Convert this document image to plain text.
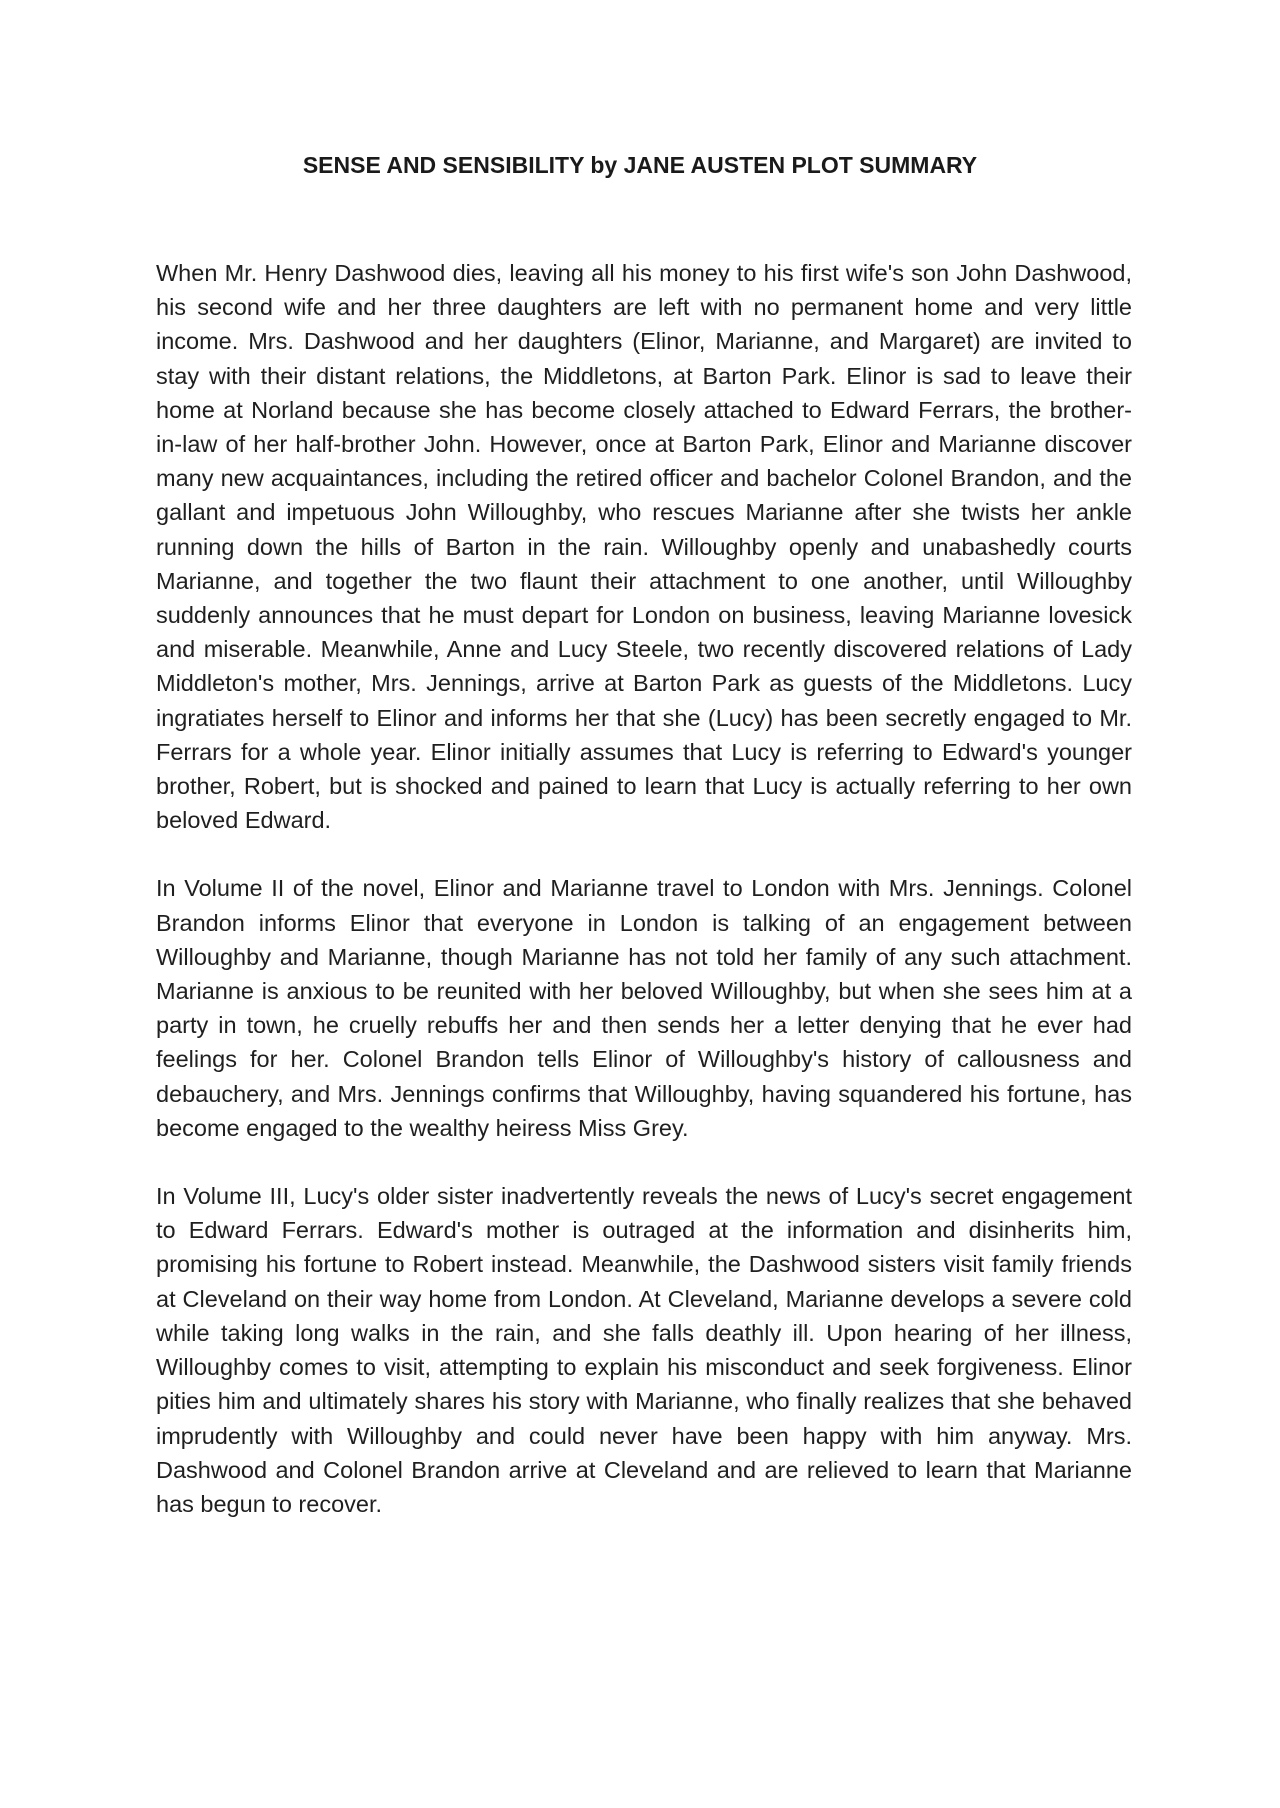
SENSE AND SENSIBILITY by JANE AUSTEN PLOT SUMMARY

When Mr. Henry Dashwood dies, leaving all his money to his first wife's son John Dashwood, his second wife and her three daughters are left with no permanent home and very little income. Mrs. Dashwood and her daughters (Elinor, Marianne, and Margaret) are invited to stay with their distant relations, the Middletons, at Barton Park. Elinor is sad to leave their home at Norland because she has become closely attached to Edward Ferrars, the brother-in-law of her half-brother John. However, once at Barton Park, Elinor and Marianne discover many new acquaintances, including the retired officer and bachelor Colonel Brandon, and the gallant and impetuous John Willoughby, who rescues Marianne after she twists her ankle running down the hills of Barton in the rain. Willoughby openly and unabashedly courts Marianne, and together the two flaunt their attachment to one another, until Willoughby suddenly announces that he must depart for London on business, leaving Marianne lovesick and miserable. Meanwhile, Anne and Lucy Steele, two recently discovered relations of Lady Middleton's mother, Mrs. Jennings, arrive at Barton Park as guests of the Middletons. Lucy ingratiates herself to Elinor and informs her that she (Lucy) has been secretly engaged to Mr. Ferrars for a whole year. Elinor initially assumes that Lucy is referring to Edward's younger brother, Robert, but is shocked and pained to learn that Lucy is actually referring to her own beloved Edward.

In Volume II of the novel, Elinor and Marianne travel to London with Mrs. Jennings. Colonel Brandon informs Elinor that everyone in London is talking of an engagement between Willoughby and Marianne, though Marianne has not told her family of any such attachment. Marianne is anxious to be reunited with her beloved Willoughby, but when she sees him at a party in town, he cruelly rebuffs her and then sends her a letter denying that he ever had feelings for her. Colonel Brandon tells Elinor of Willoughby's history of callousness and debauchery, and Mrs. Jennings confirms that Willoughby, having squandered his fortune, has become engaged to the wealthy heiress Miss Grey.

In Volume III, Lucy's older sister inadvertently reveals the news of Lucy's secret engagement to Edward Ferrars. Edward's mother is outraged at the information and disinherits him, promising his fortune to Robert instead. Meanwhile, the Dashwood sisters visit family friends at Cleveland on their way home from London. At Cleveland, Marianne develops a severe cold while taking long walks in the rain, and she falls deathly ill. Upon hearing of her illness, Willoughby comes to visit, attempting to explain his misconduct and seek forgiveness. Elinor pities him and ultimately shares his story with Marianne, who finally realizes that she behaved imprudently with Willoughby and could never have been happy with him anyway. Mrs. Dashwood and Colonel Brandon arrive at Cleveland and are relieved to learn that Marianne has begun to recover.
